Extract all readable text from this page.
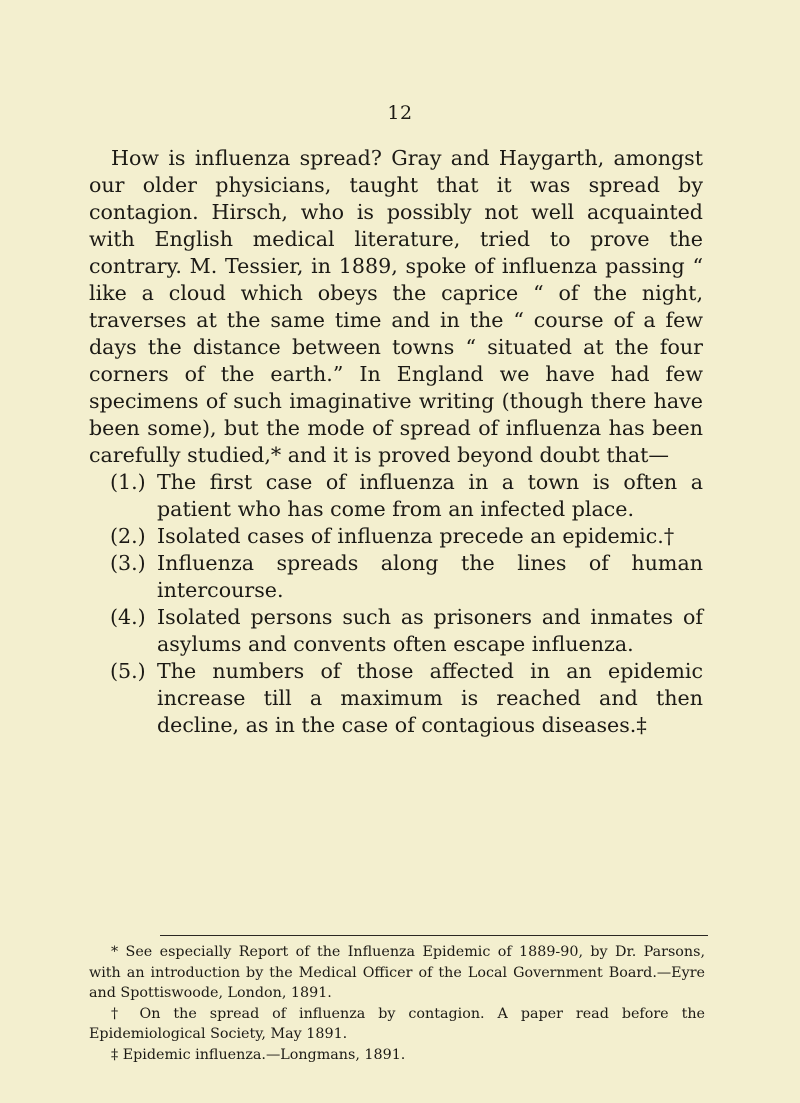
12

How is influenza spread? Gray and Haygarth, amongst our older physicians, taught that it was spread by contagion. Hirsch, who is possibly not well acquainted with English medical literature, tried to prove the contrary. M. Tessier, in 1889, spoke of influenza passing “ like a cloud which obeys the caprice “ of the night, traverses at the same time and in the “ course of a few days the distance between towns “ situated at the four corners of the earth.” In England we have had few specimens of such imaginative writing (though there have been some), but the mode of spread of influenza has been carefully studied,* and it is proved beyond doubt that—

(1.) The first case of influenza in a town is often a patient who has come from an infected place.
(2.) Isolated cases of influenza precede an epidemic.†
(3.) Influenza spreads along the lines of human intercourse.
(4.) Isolated persons such as prisoners and inmates of asylums and convents often escape influenza.
(5.) The numbers of those affected in an epidemic increase till a maximum is reached and then decline, as in the case of contagious diseases.‡

* See especially Report of the Influenza Epidemic of 1889-90, by Dr. Parsons, with an introduction by the Medical Officer of the Local Government Board.—Eyre and Spottiswoode, London, 1891.

† On the spread of influenza by contagion. A paper read before the Epidemiological Society, May 1891.

‡ Epidemic influenza.—Longmans, 1891.
